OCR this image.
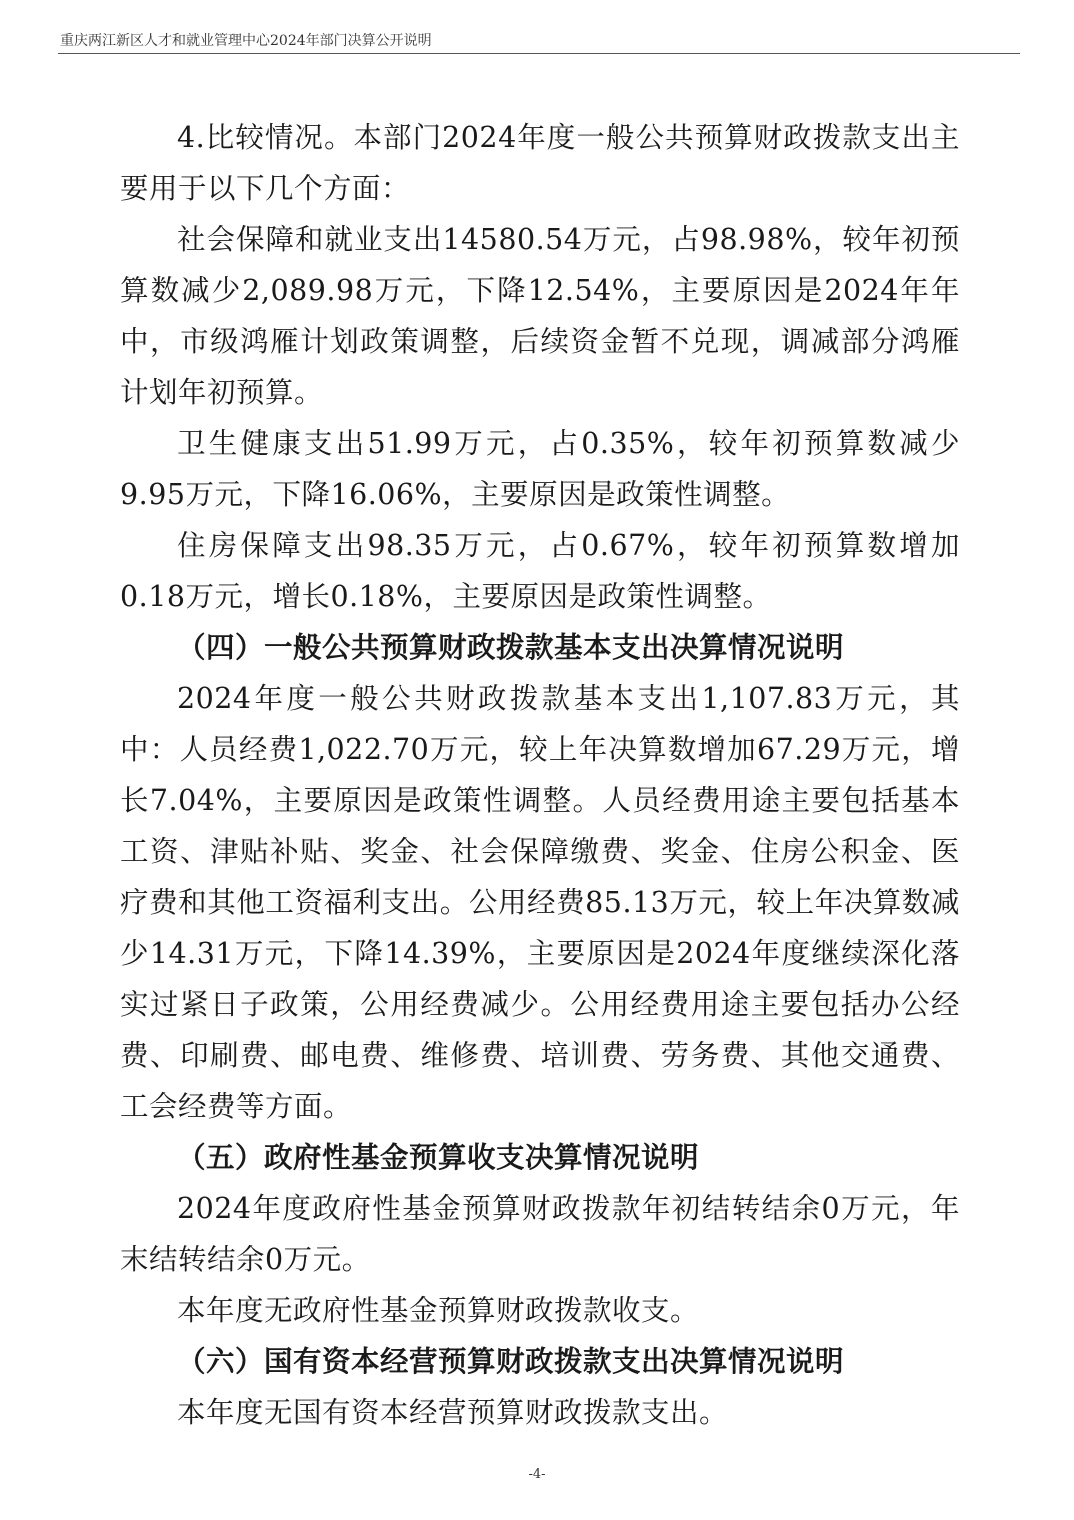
重庆两江新区人才和就业管理中心2024年部门决算公开说明

4.比较情况。本部门2024年度一般公共预算财政拨款支出主要用于以下几个方面：

社会保障和就业支出14580.54万元，占98.98%，较年初预算数减少2,089.98万元，下降12.54%，主要原因是2024年年中，市级鸿雁计划政策调整，后续资金暂不兑现，调减部分鸿雁计划年初预算。

卫生健康支出51.99万元，占0.35%，较年初预算数减少9.95万元，下降16.06%，主要原因是政策性调整。

住房保障支出98.35万元，占0.67%，较年初预算数增加0.18万元，增长0.18%，主要原因是政策性调整。

（四）一般公共预算财政拨款基本支出决算情况说明

2024年度一般公共财政拨款基本支出1,107.83万元，其中：人员经费1,022.70万元，较上年决算数增加67.29万元，增长7.04%，主要原因是政策性调整。人员经费用途主要包括基本工资、津贴补贴、奖金、社会保障缴费、奖金、住房公积金、医疗费和其他工资福利支出。公用经费85.13万元，较上年决算数减少14.31万元，下降14.39%，主要原因是2024年度继续深化落实过紧日子政策，公用经费减少。公用经费用途主要包括办公经费、印刷费、邮电费、维修费、培训费、劳务费、其他交通费、工会经费等方面。

（五）政府性基金预算收支决算情况说明

2024年度政府性基金预算财政拨款年初结转结余0万元，年末结转结余0万元。

本年度无政府性基金预算财政拨款收支。

（六）国有资本经营预算财政拨款支出决算情况说明

本年度无国有资本经营预算财政拨款支出。

-4-
